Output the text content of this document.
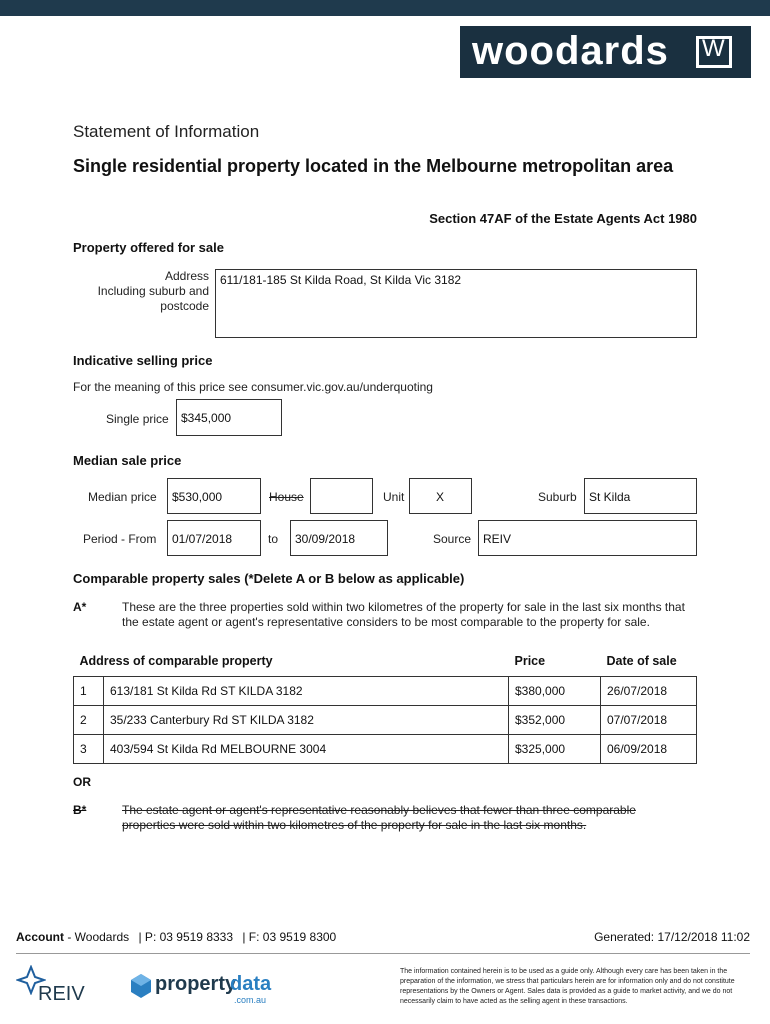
woodards W
Statement of Information
Single residential property located in the Melbourne metropolitan area
Section 47AF of the Estate Agents Act 1980
Property offered for sale
Address
Including suburb and
postcode
611/181-185 St Kilda Road, St Kilda Vic 3182
Indicative selling price
For the meaning of this price see consumer.vic.gov.au/underquoting
Single price	$345,000
Median sale price
Median price	$530,000	House	Unit	X	Suburb	St Kilda
Period - From	01/07/2018	to	30/09/2018	Source REIV
Comparable property sales (*Delete A or B below as applicable)
A*	These are the three properties sold within two kilometres of the property for sale in the last six months that the estate agent or agent's representative considers to be most comparable to the property for sale.
Address of comparable property		Price	Date of sale
1	613/181 St Kilda Rd ST KILDA 3182	$380,000	26/07/2018
2	35/233 Canterbury Rd ST KILDA 3182	$352,000	07/07/2018
3	403/594 St Kilda Rd MELBOURNE 3004	$325,000	06/09/2018
OR
B*	The estate agent or agent's representative reasonably believes that fewer than three comparable properties were sold within two kilometres of the property for sale in the last six months.
Account - Woodards | P: 03 9519 8333 | F: 03 9519 8300	Generated: 17/12/2018 11:02
REIV	property
data
.com.au
The information contained herein is to be used as a guide only. Although every care has been taken in the preparation of the information, we stress that particulars herein are for information only and do not constitute representations by the Owners or Agent. Sales data is provided as a guide to market activity, and we do not necessarily claim to have acted as the selling agent in these transactions.
